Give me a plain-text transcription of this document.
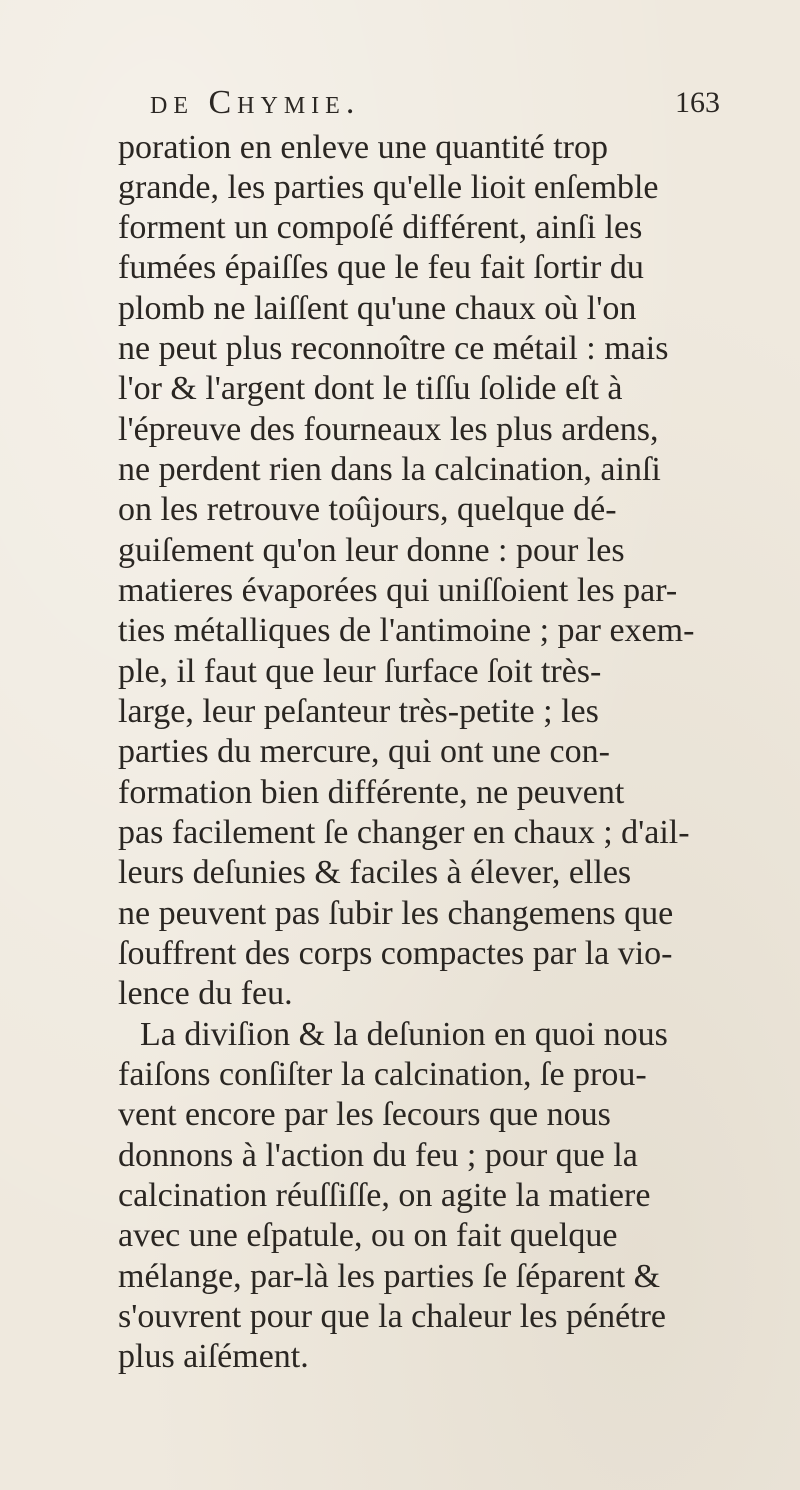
de Chymie.	163
poration en enleve une quantité trop
grande, les parties qu'elle lioit enſemble
forment un compoſé différent, ainſi les
fumées épaiſſes que le feu fait ſortir du
plomb ne laiſſent qu'une chaux où l'on
ne peut plus reconnoître ce métail : mais
l'or & l'argent dont le tiſſu ſolide eſt à
l'épreuve des fourneaux les plus ardens,
ne perdent rien dans la calcination, ainſi
on les retrouve toûjours, quelque dé-
guiſement qu'on leur donne : pour les
matieres évaporées qui uniſſoient les par-
ties métalliques de l'antimoine ; par exem-
ple, il faut que leur ſurface ſoit très-
large, leur peſanteur très-petite ; les
parties du mercure, qui ont une con-
formation bien différente, ne peuvent
pas facilement ſe changer en chaux ; d'ail-
leurs deſunies & faciles à élever, elles
ne peuvent pas ſubir les changemens que
ſouffrent des corps compactes par la vio-
lence du feu.
La diviſion & la deſunion en quoi nous
faiſons conſiſter la calcination, ſe prou-
vent encore par les ſecours que nous
donnons à l'action du feu ; pour que la
calcination réuſſiſſe, on agite la matiere
avec une eſpatule, ou on fait quelque
mélange, par-là les parties ſe ſéparent &
s'ouvrent pour que la chaleur les pénétre
plus aiſément.
